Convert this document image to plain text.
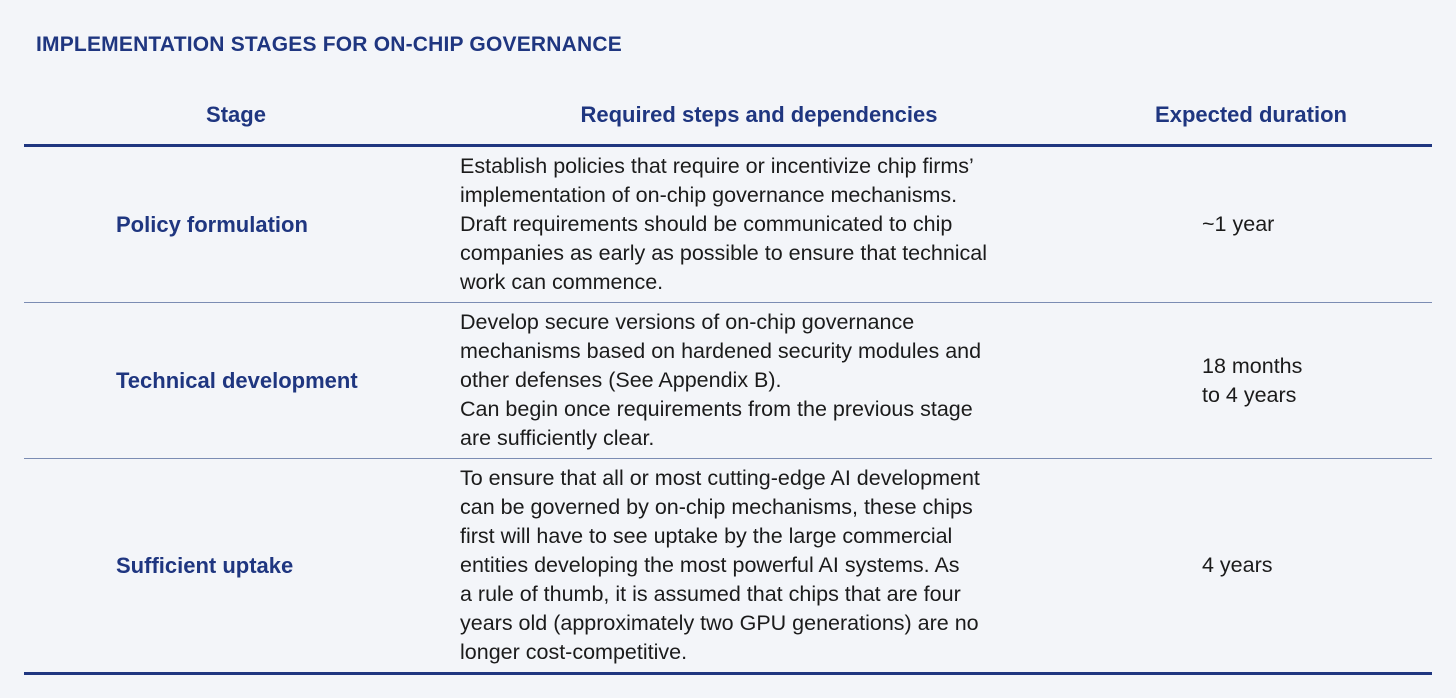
IMPLEMENTATION STAGES FOR ON-CHIP GOVERNANCE
Stage	Required steps and dependencies	Expected duration
Policy formulation
Establish policies that require or incentivize chip firms’
implementation of on-chip governance mechanisms.
Draft requirements should be communicated to chip
companies as early as possible to ensure that technical
work can commence.
~1 year
Technical development
Develop secure versions of on-chip governance
mechanisms based on hardened security modules and
other defenses (See Appendix B).
Can begin once requirements from the previous stage
are sufficiently clear.
18 months
to 4 years
Sufficient uptake
To ensure that all or most cutting-edge AI development
can be governed by on-chip mechanisms, these chips
first will have to see uptake by the large commercial
entities developing the most powerful AI systems. As
a rule of thumb, it is assumed that chips that are four
years old (approximately two GPU generations) are no
longer cost-competitive.
4 years
